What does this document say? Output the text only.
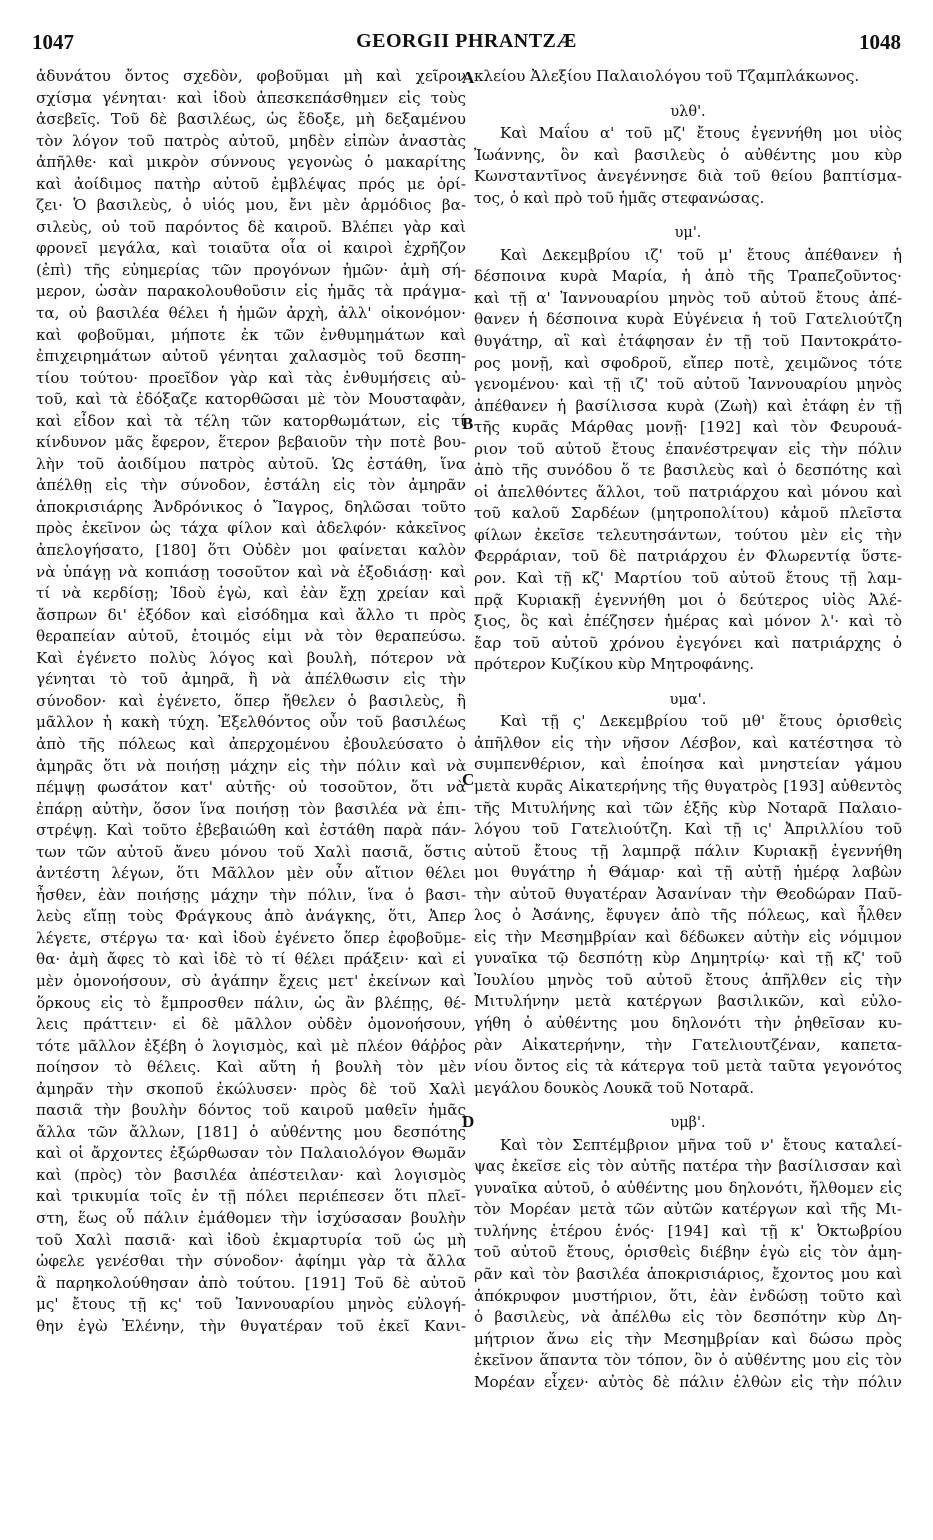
1047	GEORGII PHRANTZÆ	1048
ἀδυνάτου ὄντος σχεδὸν, φοβοῦμαι μὴ καὶ χεῖρον
σχίσμα γένηται· καὶ ἰδοὺ ἀπεσκεπάσθημεν εἰς τοὺς
ἀσεβεῖς. Τοῦ δὲ βασιλέως, ὡς ἔδοξε, μὴ δεξαμένου
τὸν λόγον τοῦ πατρὸς αὐτοῦ, μηδὲν εἰπὼν ἀναστὰς
ἀπῆλθε· καὶ μικρὸν σύννους γεγονὼς ὁ μακαρίτης
καὶ ἀοίδιμος πατὴρ αὐτοῦ ἐμβλέψας πρός με ὁρί-
ζει· Ὁ βασιλεὺς, ὁ υἱός μου, ἔνι μὲν ἁρμόδιος βα-
σιλεὺς, οὐ τοῦ παρόντος δὲ καιροῦ. Βλέπει γὰρ καὶ
φρονεῖ μεγάλα, καὶ τοιαῦτα οἷα οἱ καιροὶ ἐχρῆζον
(ἐπὶ) τῆς εὐημερίας τῶν προγόνων ἡμῶν· ἀμὴ σή-
μερον, ὡσὰν παρακολουθοῦσιν εἰς ἡμᾶς τὰ πράγμα-
τα, οὐ βασιλέα θέλει ἡ ἡμῶν ἀρχὴ, ἀλλ' οἰκονόμον·
καὶ φοβοῦμαι, μήποτε ἐκ τῶν ἐνθυμημάτων καὶ
ἐπιχειρημάτων αὐτοῦ γένηται χαλασμὸς τοῦ δεσπη-
τίου τούτου· προεῖδον γὰρ καὶ τὰς ἐνθυμήσεις αὐ-
τοῦ, καὶ τὰ ἐδόξαζε κατορθῶσαι μὲ τὸν Μουσταφὰν,
καὶ εἶδον καὶ τὰ τέλη τῶν κατορθωμάτων, εἰς τί
κίνδυνον μᾶς ἔφερον, ἕτερον βεβαιοῦν τὴν ποτὲ βου-
λὴν τοῦ ἀοιδίμου πατρὸς αὐτοῦ. Ὡς ἐστάθη, ἵνα
ἀπέλθῃ εἰς τὴν σύνοδον, ἐστάλη εἰς τὸν ἀμηρᾶν
ἀποκρισιάρης Ἀνδρόνικος ὁ Ἴαγρος, δηλῶσαι τοῦτο
πρὸς ἐκεῖνον ὡς τάχα φίλον καὶ ἀδελφόν· κἀκεῖνος
ἀπελογήσατο, [180] ὅτι Οὐδὲν μοι φαίνεται καλὸν
νὰ ὑπάγῃ νὰ κοπιάσῃ τοσοῦτον καὶ νὰ ἐξοδιάσῃ· καὶ
τί νὰ κερδίσῃ; Ἰδοὺ ἐγὼ, καὶ ἐὰν ἔχῃ χρείαν καὶ
ἄσπρων δι' ἐξόδον καὶ εἰσόδημα καὶ ἄλλο τι πρὸς
θεραπείαν αὐτοῦ, ἑτοιμός εἰμι νὰ τὸν θεραπεύσω.
Καὶ ἐγένετο πολὺς λόγος καὶ βουλὴ, πότερον νὰ
γένηται τὸ τοῦ ἀμηρᾶ, ἢ νὰ ἀπέλθωσιν εἰς τὴν
σύνοδον· καὶ ἐγένετο, ὅπερ ἤθελεν ὁ βασιλεὺς, ἢ
μᾶλλον ἡ κακὴ τύχη. Ἐξελθόντος οὖν τοῦ βασιλέως
ἀπὸ τῆς πόλεως καὶ ἀπερχομένου ἐβουλεύσατο ὁ
ἀμηρᾶς ὅτι νὰ ποιήσῃ μάχην εἰς τὴν πόλιν καὶ νὰ
πέμψῃ φωσάτον κατ' αὐτῆς· οὐ τοσοῦτον, ὅτι νὰ
ἐπάρῃ αὐτὴν, ὅσον ἵνα ποιήσῃ τὸν βασιλέα νὰ ἐπι-
στρέψῃ. Καὶ τοῦτο ἐβεβαιώθη καὶ ἐστάθη παρὰ πάν-
των τῶν αὐτοῦ ἄνευ μόνου τοῦ Χαλὶ πασιᾶ, ὅστις
ἀντέστη λέγων, ὅτι Μᾶλλον μὲν οὖν αἴτιον θέλει
ἦσθεν, ἐὰν ποιήσῃς μάχην τὴν πόλιν, ἵνα ὁ βασι-
λεὺς εἴπῃ τοὺς Φράγκους ἀπὸ ἀνάγκης, ὅτι, Ἀπερ
λέγετε, στέργω τα· καὶ ἰδοὺ ἐγένετο ὅπερ ἐφοβοῦμε-
θα· ἀμὴ ἄφες τὸ καὶ ἰδὲ τὸ τί θέλει πράξειν· καὶ εἰ
μὲν ὁμονοήσουν, σὺ ἀγάπην ἔχεις μετ' ἐκείνων καὶ
ὅρκους εἰς τὸ ἔμπροσθεν πάλιν, ὡς ἂν βλέπῃς, θέ-
λεις πράττειν· εἰ δὲ μᾶλλον οὐδὲν ὁμονοήσουν,
τότε μᾶλλον ἐξέβη ὁ λογισμὸς, καὶ μὲ πλέον θάῤῥος
ποίησον τὸ θέλεις. Καὶ αὕτη ἡ βουλὴ τὸν μὲν
ἀμηρᾶν τὴν σκοποῦ ἐκώλυσεν· πρὸς δὲ τοῦ Χαλὶ
πασιᾶ τὴν βουλὴν δόντος τοῦ καιροῦ μαθεῖν ἡμᾶς
ἄλλα τῶν ἄλλων, [181] ὁ αὐθέντης μου δεσπότης
καὶ οἱ ἄρχοντες ἐξώρθωσαν τὸν Παλαιολόγον Θωμᾶν
καὶ (πρὸς) τὸν βασιλέα ἀπέστειλαν· καὶ λογισμὸς
καὶ τρικυμία τοῖς ἐν τῇ πόλει περιέπεσεν ὅτι πλεῖ-
στη, ἕως οὗ πάλιν ἐμάθομεν τὴν ἰσχύσασαν βουλὴν
τοῦ Χαλὶ πασιᾶ· καὶ ἰδοὺ ἐκμαρτυρία τοῦ ὡς μὴ
ὠφελε γενέσθαι τὴν σύνοδον· ἀφίημι γὰρ τὰ ἄλλα
ἃ παρηκολούθησαν ἀπὸ τούτου. [191] Τοῦ δὲ αὐτοῦ
μς' ἔτους τῇ κς' τοῦ Ἰαννουαρίου μηνὸς εὐλογή-
θην ἐγὼ Ἐλένην, τὴν θυγατέραν τοῦ ἐκεῖ Κανι-
κλείου Ἀλεξίου Παλαιολόγου τοῦ Τζαμπλάκωνος.
υλθ'.
Καὶ Μαΐου α' τοῦ μζ' ἔτους ἐγεννήθη μοι υἱὸς
Ἰωάννης, ὃν καὶ βασιλεὺς ὁ αὐθέντης μου κὺρ
Κωνσταντῖνος ἀνεγέννησε διὰ τοῦ θείου βαπτίσμα-
τος, ὁ καὶ πρὸ τοῦ ἡμᾶς στεφανώσας.
υμ'.
Καὶ Δεκεμβρίου ιζ' τοῦ μ' ἔτους ἀπέθανεν ἡ
δέσποινα κυρὰ Μαρία, ἡ ἀπὸ τῆς Τραπεζοῦντος·
καὶ τῇ α' Ἰαννουαρίου μηνὸς τοῦ αὐτοῦ ἔτους ἀπέ-
θανεν ἡ δέσποινα κυρὰ Εὐγένεια ἡ τοῦ Γατελιούτζη
θυγάτηρ, αἳ καὶ ἐτάφησαν ἐν τῇ τοῦ Παντοκράτο-
ρος μονῇ, καὶ σφοδροῦ, εἴπερ ποτὲ, χειμῶνος τότε
γενομένου· καὶ τῇ ιζ' τοῦ αὐτοῦ Ἰαννουαρίου μηνὸς
ἀπέθανεν ἡ βασίλισσα κυρὰ (Ζωὴ) καὶ ἐτάφη ἐν τῇ
τῆς κυρᾶς Μάρθας μονῇ· [192] καὶ τὸν Φευρουά-
ριον τοῦ αὐτοῦ ἔτους ἐπανέστρεψαν εἰς τὴν πόλιν
ἀπὸ τῆς συνόδου ὅ τε βασιλεὺς καὶ ὁ δεσπότης καὶ
οἱ ἀπελθόντες ἄλλοι, τοῦ πατριάρχου καὶ μόνου καὶ
τοῦ καλοῦ Σαρδέων (μητροπολίτου) κἀμοῦ πλεῖστα
φίλων ἐκεῖσε τελευτησάντων, τούτου μὲν εἰς τὴν
Φερράριαν, τοῦ δὲ πατριάρχου ἐν Φλωρεντίᾳ ὕστε-
ρον. Καὶ τῇ κζ' Μαρτίου τοῦ αὐτοῦ ἔτους τῇ λαμ-
πρᾷ Κυριακῇ ἐγεννήθη μοι ὁ δεύτερος υἱὸς Ἀλέ-
ξιος, ὃς καὶ ἐπέζησεν ἡμέρας καὶ μόνον λ'· καὶ τὸ
ἔαρ τοῦ αὐτοῦ χρόνου ἐγεγόνει καὶ πατριάρχης ὁ
πρότερον Κυζίκου κὺρ Μητροφάνης.
υμα'.
Καὶ τῇ ς' Δεκεμβρίου τοῦ μθ' ἔτους ὁρισθεὶς
ἀπῆλθον εἰς τὴν νῆσον Λέσβον, καὶ κατέστησα τὸ
συμπενθέριον, καὶ ἐποίησα καὶ μνηστείαν γάμου
μετὰ κυρᾶς Αἰκατερήνης τῆς θυγατρὸς [193] αὐθεντὸς
τῆς Μιτυλήνης καὶ τῶν ἑξῆς κὺρ Νοταρᾶ Παλαιο-
λόγου τοῦ Γατελιούτζη. Καὶ τῇ ις' Ἀπριλλίου τοῦ
αὐτοῦ ἔτους τῇ λαμπρᾷ πάλιν Κυριακῇ ἐγεννήθη
μοι θυγάτηρ ἡ Θάμαρ· καὶ τῇ αὐτῇ ἡμέρᾳ λαβὼν
τὴν αὐτοῦ θυγατέραν Ἀσανίναν τὴν Θεοδώραν Παῦ-
λος ὁ Ἀσάνης, ἔφυγεν ἀπὸ τῆς πόλεως, καὶ ἦλθεν
εἰς τὴν Μεσημβρίαν καὶ δέδωκεν αὐτὴν εἰς νόμιμον
γυναῖκα τῷ δεσπότῃ κὺρ Δημητρίῳ· καὶ τῇ κζ' τοῦ
Ἰουλίου μηνὸς τοῦ αὐτοῦ ἔτους ἀπῆλθεν εἰς τὴν
Μιτυλήνην μετὰ κατέργων βασιλικῶν, καὶ εὐλο-
γήθη ὁ αὐθέντης μου δηλονότι τὴν ῥηθεῖσαν κυ-
ρὰν Αἰκατερήνην, τὴν Γατελιουτζέναν, καπετα-
νίου ὄντος εἰς τὰ κάτεργα τοῦ μετὰ ταῦτα γεγονότος
μεγάλου δουκὸς Λουκᾶ τοῦ Νοταρᾶ.
υμβ'.
Καὶ τὸν Σεπτέμβριον μῆνα τοῦ ν' ἔτους καταλεί-
ψας ἐκεῖσε εἰς τὸν αὐτῆς πατέρα τὴν βασίλισσαν καὶ
γυναῖκα αὐτοῦ, ὁ αὐθέντης μου δηλονότι, ἤλθομεν εἰς
τὸν Μορέαν μετὰ τῶν αὐτῶν κατέργων καὶ τῆς Μι-
τυλήνης ἑτέρου ἑνός· [194] καὶ τῇ κ' Ὀκτωβρίου
τοῦ αὐτοῦ ἔτους, ὁρισθεὶς διέβην ἐγὼ εἰς τὸν ἀμη-
ρᾶν καὶ τὸν βασιλέα ἀποκρισιάριος, ἔχοντος μου καὶ
ἀπόκρυφον μυστήριον, ὅτι, ἐὰν ἐνδώσῃ τοῦτο καὶ
ὁ βασιλεὺς, νὰ ἀπέλθω εἰς τὸν δεσπότην κὺρ Δη-
μήτριον ἄνω εἰς τὴν Μεσημβρίαν καὶ δώσω πρὸς
ἐκεῖνον ἅπαντα τὸν τόπον, ὃν ὁ αὐθέντης μου εἰς τὸν
Μορέαν εἶχεν· αὐτὸς δὲ πάλιν ἐλθὼν εἰς τὴν πόλιν
A
B
C
D
